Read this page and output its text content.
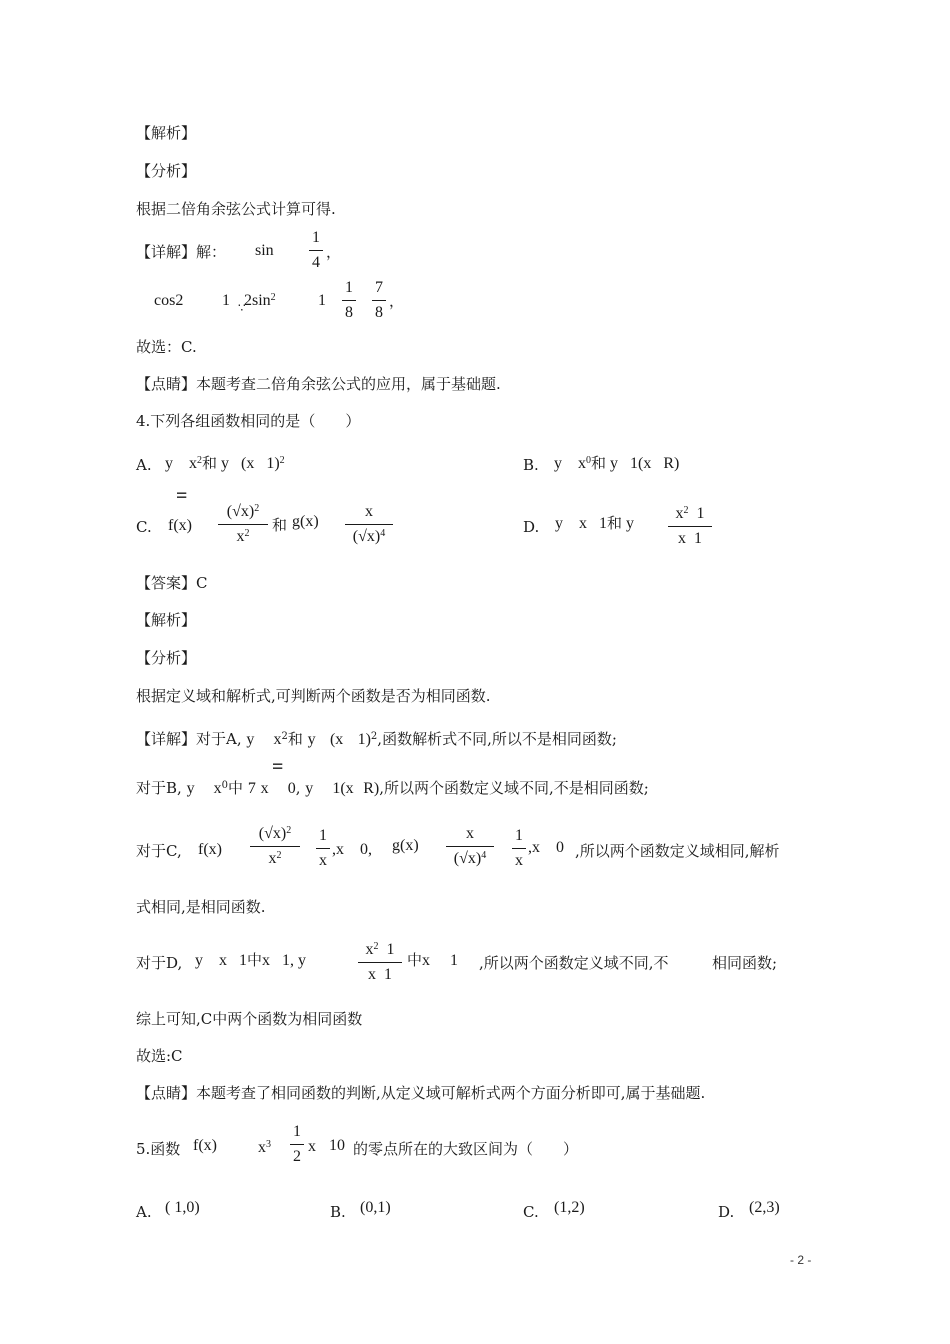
【解析】
【分析】
根据二倍角余弦公式计算可得.
【详解】解： sin
1
4
，
cos2 1 $2\sin^2$
∵	1
1
8
7
8
，
故选：C.
【点睛】本题考查二倍角余弦公式的应用，属于基础题.
4.下列各组函数相同的是（　　）
A. y $x^2$和 y (x 1)$^2$	B. y $x^0$和 y 1(x R)
=
C. f(x)
$(√x)^2$
$x^2$	和 g(x)
x
$(√x)^4$	D. y x 1和 y
$x^2$ 1
x 1
【答案】C
【解析】
【分析】
根据定义域和解析式,可判断两个函数是否为相同函数.
【详解】对于A, y $x^2$和 y (x 1)$^2$,函数解析式不同,所以不是相同函数;
=
对于B, y $x^0$中 7 x 0, y 1(x R),所以两个函数定义域不同,不是相同函数;
对于C, f(x)
$(√x)^2$
$x^2$
1
x
,x 0, g(x)
x
$(√x)^4$
1
x
,x 0 ,所以两个函数定义域相同,解析
式相同,是相同函数.
对于D, y x 1中x 1, y
$x^2$ 1
x 1
中x 1 ,所以两个函数定义域不同,不	相同函数;
综上可知,C中两个函数为相同函数
故选:C
【点睛】本题考查了相同函数的判断,从定义域可解析式两个方面分析即可,属于基础题.
5.函数 f(x)	$x^3$
1
2
x 10 的零点所在的大致区间为（　　）
A. ( 1,0)	B. (0,1)	C. (1,2)	D. (2,3)
- 2 -
